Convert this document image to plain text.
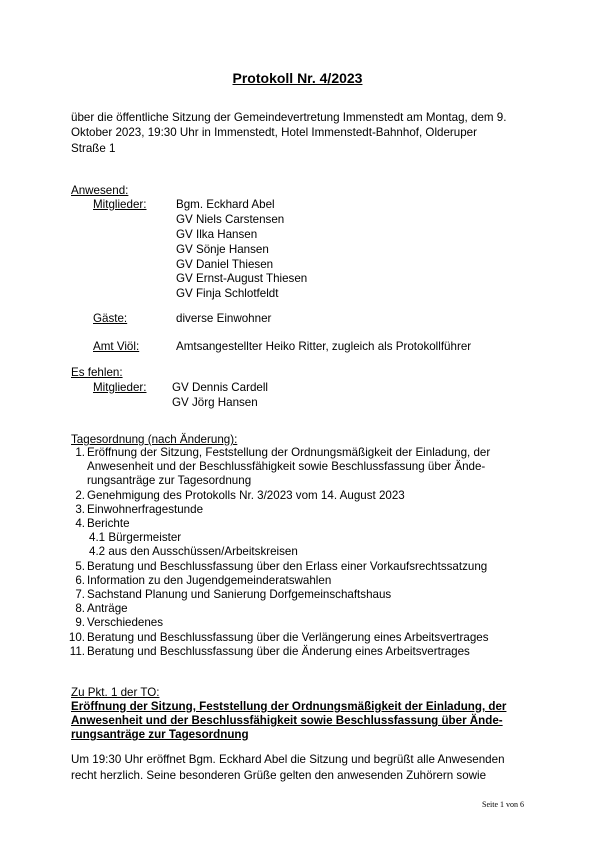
Protokoll Nr. 4/2023
über die öffentliche Sitzung der Gemeindevertretung Immenstedt am Montag, dem 9.
Oktober 2023, 19:30 Uhr in Immenstedt, Hotel Immenstedt-Bahnhof, Olderuper
Straße 1
Anwesend:
Mitglieder:	Bgm. Eckhard Abel
GV Niels Carstensen
GV Ilka Hansen
GV Sönje Hansen
GV Daniel Thiesen
GV Ernst-August Thiesen
GV Finja Schlotfeldt
Gäste:	diverse Einwohner
Amt Viöl:	Amtsangestellter Heiko Ritter, zugleich als Protokollführer
Es fehlen:
Mitglieder: GV Dennis Cardell
GV Jörg Hansen
Tagesordnung (nach Änderung):
1. Eröffnung der Sitzung, Feststellung der Ordnungsmäßigkeit der Einladung, der
Anwesenheit und der Beschlussfähigkeit sowie Beschlussfassung über Ände-
rungsanträge zur Tagesordnung
2. Genehmigung des Protokolls Nr. 3/2023 vom 14. August 2023
3. Einwohnerfragestunde
4. Berichte
4.1 Bürgermeister
4.2 aus den Ausschüssen/Arbeitskreisen
5. Beratung und Beschlussfassung über den Erlass einer Vorkaufsrechtssatzung
6. Information zu den Jugendgemeinderatswahlen
7. Sachstand Planung und Sanierung Dorfgemeinschaftshaus
8. Anträge
9. Verschiedenes
10. Beratung und Beschlussfassung über die Verlängerung eines Arbeitsvertrages
11. Beratung und Beschlussfassung über die Änderung eines Arbeitsvertrages
Zu Pkt. 1 der TO:
Eröffnung der Sitzung, Feststellung der Ordnungsmäßigkeit der Einladung, der
Anwesenheit und der Beschlussfähigkeit sowie Beschlussfassung über Ände-
rungsanträge zur Tagesordnung
Um 19:30 Uhr eröffnet Bgm. Eckhard Abel die Sitzung und begrüßt alle Anwesenden
recht herzlich. Seine besonderen Grüße gelten den anwesenden Zuhörern sowie
Seite 1 von 6
